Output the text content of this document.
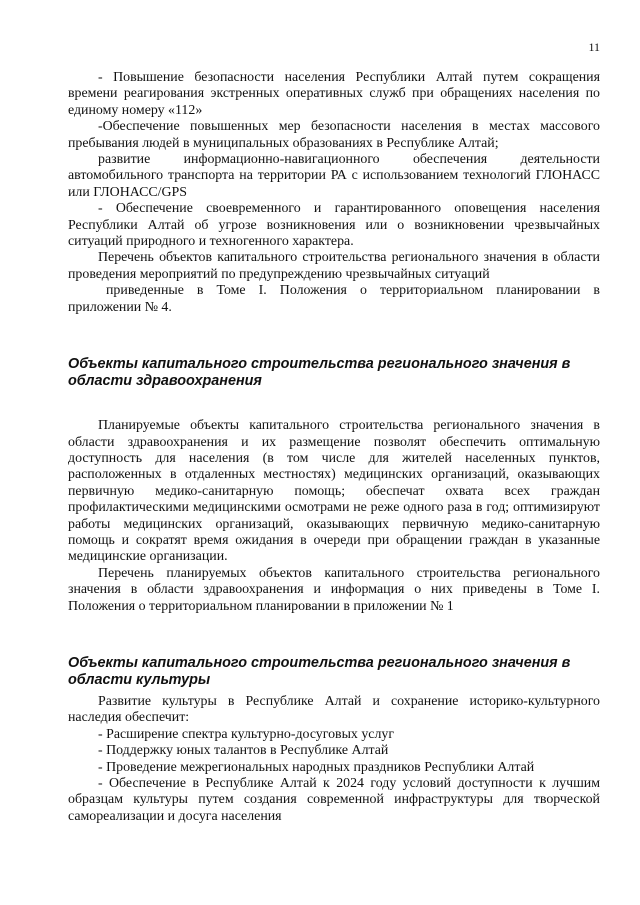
11

- Повышение безопасности населения Республики Алтай путем сокращения времени реагирования экстренных оперативных служб при обращениях населения по единому номеру «112»

-Обеспечение повышенных мер безопасности населения в местах массового пребывания людей в муниципальных образованиях в Республике Алтай;

развитие информационно-навигационного обеспечения деятельности автомобильного транспорта на территории РА с использованием технологий ГЛОНАСС или ГЛОНАСС/GPS

- Обеспечение своевременного и гарантированного оповещения населения Республики Алтай об угрозе возникновения или о возникновении чрезвычайных ситуаций природного и техногенного характера.

Перечень объектов капитального строительства регионального значения в области проведения мероприятий по предупреждению чрезвычайных ситуаций

приведенные в Томе I. Положения о территориальном планировании в приложении № 4.

Объекты капитального строительства регионального значения в области здравоохранения

Планируемые объекты капитального строительства регионального значения в области здравоохранения и их размещение позволят обеспечить оптимальную доступность для населения (в том числе для жителей населенных пунктов, расположенных в отдаленных местностях) медицинских организаций, оказывающих первичную медико-санитарную помощь; обеспечат охвата всех граждан профилактическими медицинскими осмотрами не реже одного раза в год; оптимизируют работы медицинских организаций, оказывающих первичную медико-санитарную помощь и сократят время ожидания в очереди при обращении граждан в указанные медицинские организации.

Перечень планируемых объектов капитального строительства регионального значения в области здравоохранения и информация о них приведены в Томе I. Положения о территориальном планировании в приложении № 1

Объекты капитального строительства регионального значения в области культуры

Развитие культуры в Республике Алтай и сохранение историко-культурного наследия обеспечит:

- Расширение спектра культурно-досуговых услуг

- Поддержку юных талантов в Республике Алтай

- Проведение межрегиональных народных праздников Республики Алтай

- Обеспечение в Республике Алтай к 2024 году условий доступности к лучшим образцам культуры путем создания современной инфраструктуры для творческой самореализации и досуга населения
